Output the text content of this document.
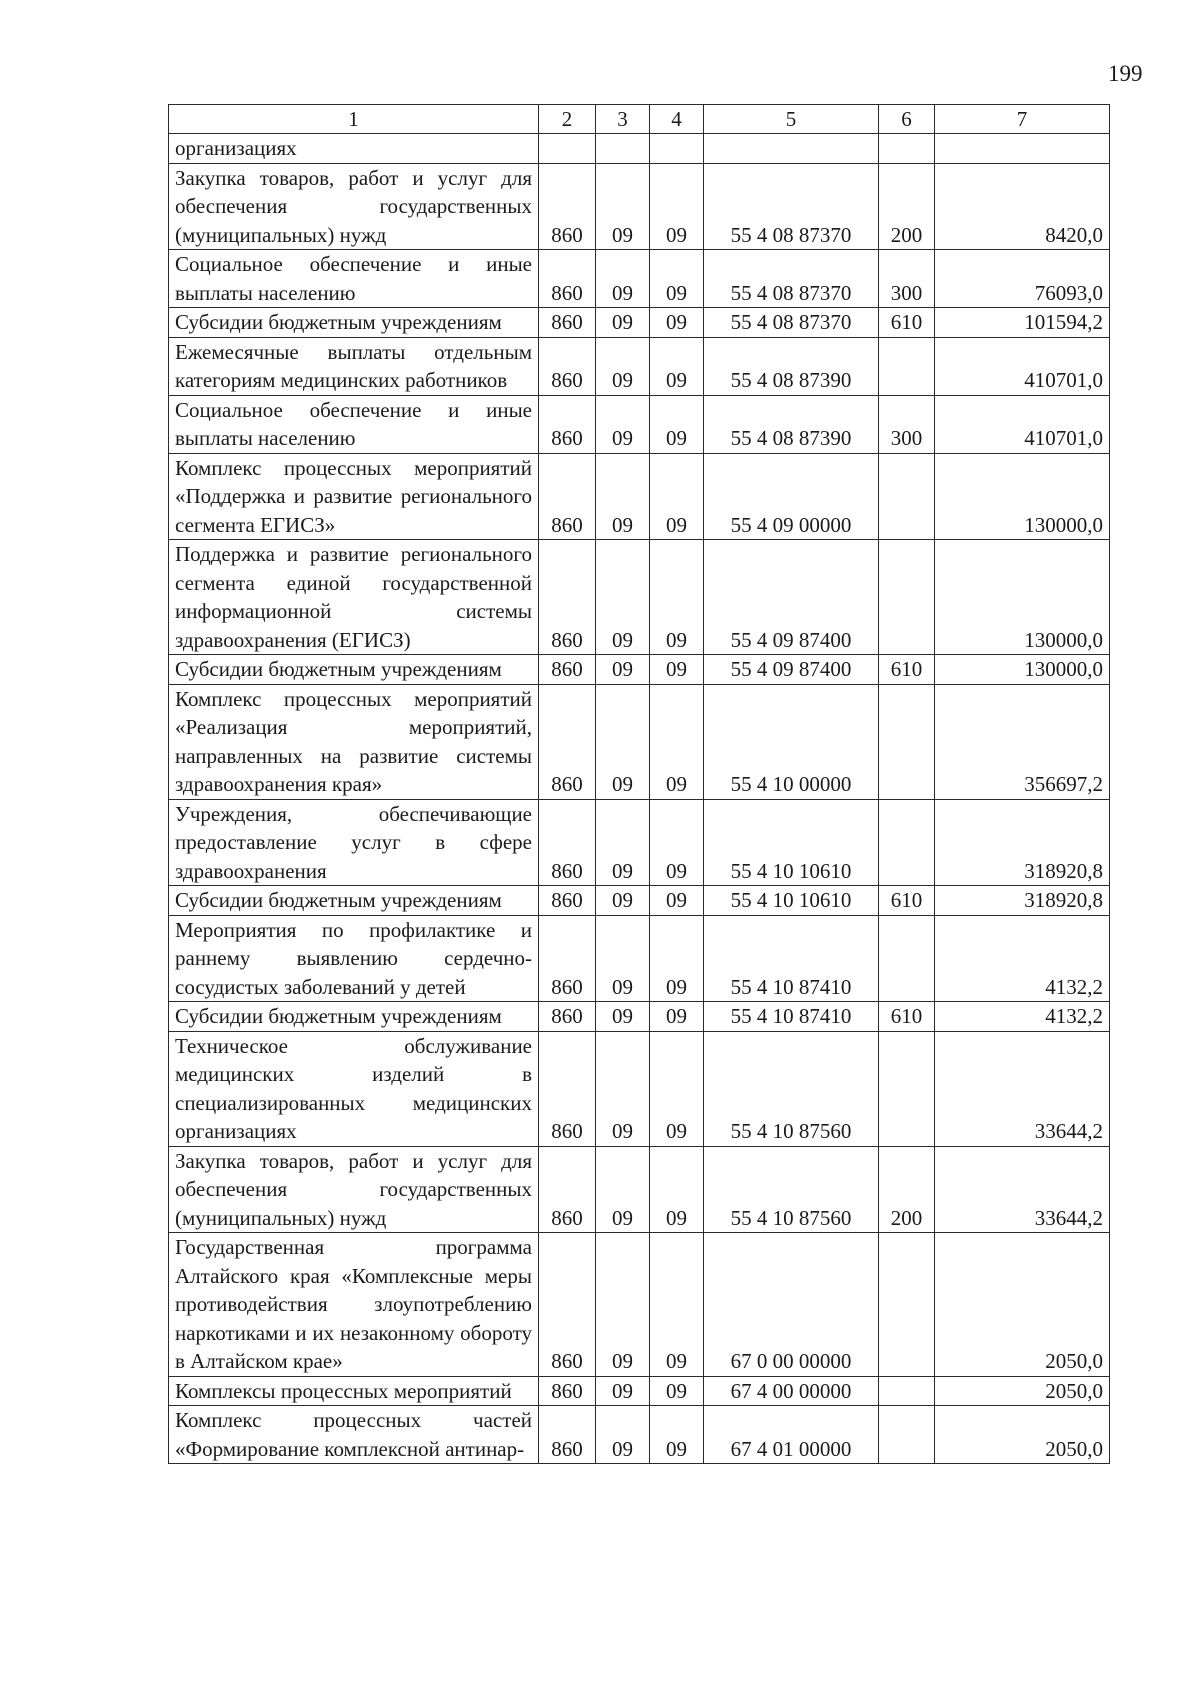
199
1	2	3	4	5	6	7
организациях						
Закупка товаров, работ и услуг для обеспечения государственных (муниципальных) нужд	860	09	09	55 4 08 87370	200	8420,0
Социальное обеспечение и иные выплаты населению	860	09	09	55 4 08 87370	300	76093,0
Субсидии бюджетным учреждениям	860	09	09	55 4 08 87370	610	101594,2
Ежемесячные выплаты отдельным категориям медицинских работников	860	09	09	55 4 08 87390		410701,0
Социальное обеспечение и иные выплаты населению	860	09	09	55 4 08 87390	300	410701,0
Комплекс процессных мероприятий «Поддержка и развитие регионального сегмента ЕГИСЗ»	860	09	09	55 4 09 00000		130000,0
Поддержка и развитие регионального сегмента единой государственной информационной системы здравоохранения (ЕГИСЗ)	860	09	09	55 4 09 87400		130000,0
Субсидии бюджетным учреждениям	860	09	09	55 4 09 87400	610	130000,0
Комплекс процессных мероприятий «Реализация мероприятий, направленных на развитие системы здравоохранения края»	860	09	09	55 4 10 00000		356697,2
Учреждения, обеспечивающие предоставление услуг в сфере здравоохранения	860	09	09	55 4 10 10610		318920,8
Субсидии бюджетным учреждениям	860	09	09	55 4 10 10610	610	318920,8
Мероприятия по профилактике и раннему выявлению сердечно-сосудистых заболеваний у детей	860	09	09	55 4 10 87410		4132,2
Субсидии бюджетным учреждениям	860	09	09	55 4 10 87410	610	4132,2
Техническое обслуживание медицинских изделий в специализированных медицинских организациях	860	09	09	55 4 10 87560		33644,2
Закупка товаров, работ и услуг для обеспечения государственных (муниципальных) нужд	860	09	09	55 4 10 87560	200	33644,2
Государственная программа Алтайского края «Комплексные меры противодействия злоупотреблению наркотиками и их незаконному обороту в Алтайском крае»	860	09	09	67 0 00 00000		2050,0
Комплексы процессных мероприятий	860	09	09	67 4 00 00000		2050,0
Комплекс процессных частей «Формирование комплексной антинар-	860	09	09	67 4 01 00000		2050,0
